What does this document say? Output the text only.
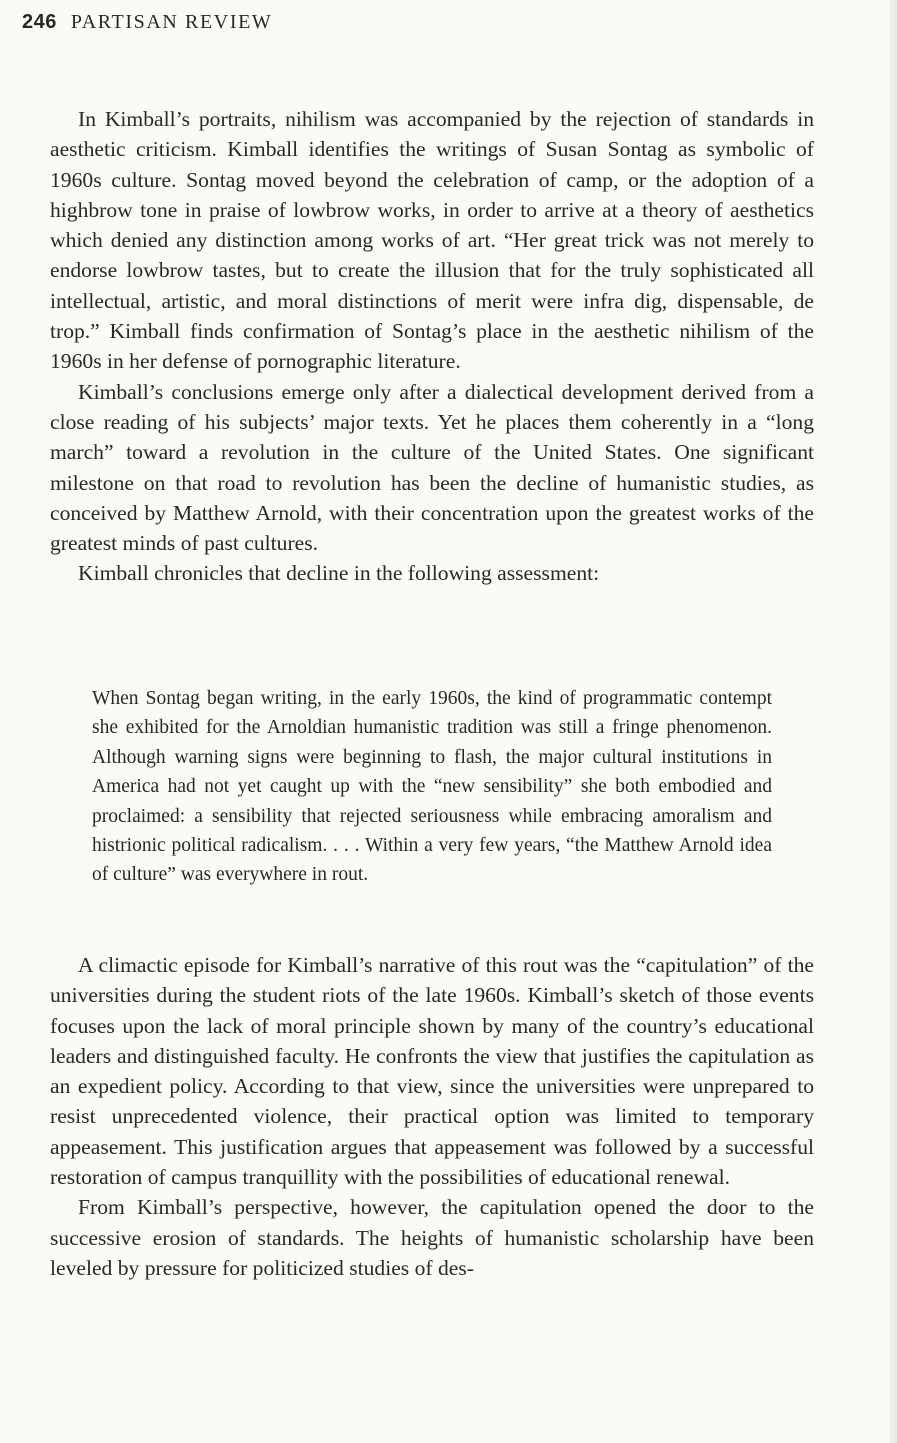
246 PARTISAN REVIEW

In Kimball’s portraits, nihilism was accompanied by the rejection of standards in aesthetic criticism. Kimball identifies the writings of Susan Sontag as symbolic of 1960s culture. Sontag moved beyond the celebration of camp, or the adoption of a highbrow tone in praise of lowbrow works, in order to arrive at a theory of aesthetics which denied any distinction among works of art. “Her great trick was not merely to endorse lowbrow tastes, but to create the illusion that for the truly sophisticated all intellectual, artistic, and moral distinctions of merit were infra dig, dispensable, de trop.” Kimball finds confirmation of Sontag’s place in the aesthetic nihilism of the 1960s in her defense of pornographic literature.

Kimball’s conclusions emerge only after a dialectical development derived from a close reading of his subjects’ major texts. Yet he places them coherently in a “long march” toward a revolution in the culture of the United States. One significant milestone on that road to revolution has been the decline of humanistic studies, as conceived by Matthew Arnold, with their concentration upon the greatest works of the greatest minds of past cultures.

Kimball chronicles that decline in the following assessment:

When Sontag began writing, in the early 1960s, the kind of programmatic contempt she exhibited for the Arnoldian humanistic tradition was still a fringe phenomenon. Although warning signs were beginning to flash, the major cultural institutions in America had not yet caught up with the “new sensibility” she both embodied and proclaimed: a sensibility that rejected seriousness while embracing amoralism and histrionic political radicalism. . . . Within a very few years, “the Matthew Arnold idea of culture” was everywhere in rout.

A climactic episode for Kimball’s narrative of this rout was the “capitulation” of the universities during the student riots of the late 1960s. Kimball’s sketch of those events focuses upon the lack of moral principle shown by many of the country’s educational leaders and distinguished faculty. He confronts the view that justifies the capitulation as an expedient policy. According to that view, since the universities were unprepared to resist unprecedented violence, their practical option was limited to temporary appeasement. This justification argues that appeasement was followed by a successful restoration of campus tranquillity with the possibilities of educational renewal.

From Kimball’s perspective, however, the capitulation opened the door to the successive erosion of standards. The heights of humanistic scholarship have been leveled by pressure for politicized studies of des-
